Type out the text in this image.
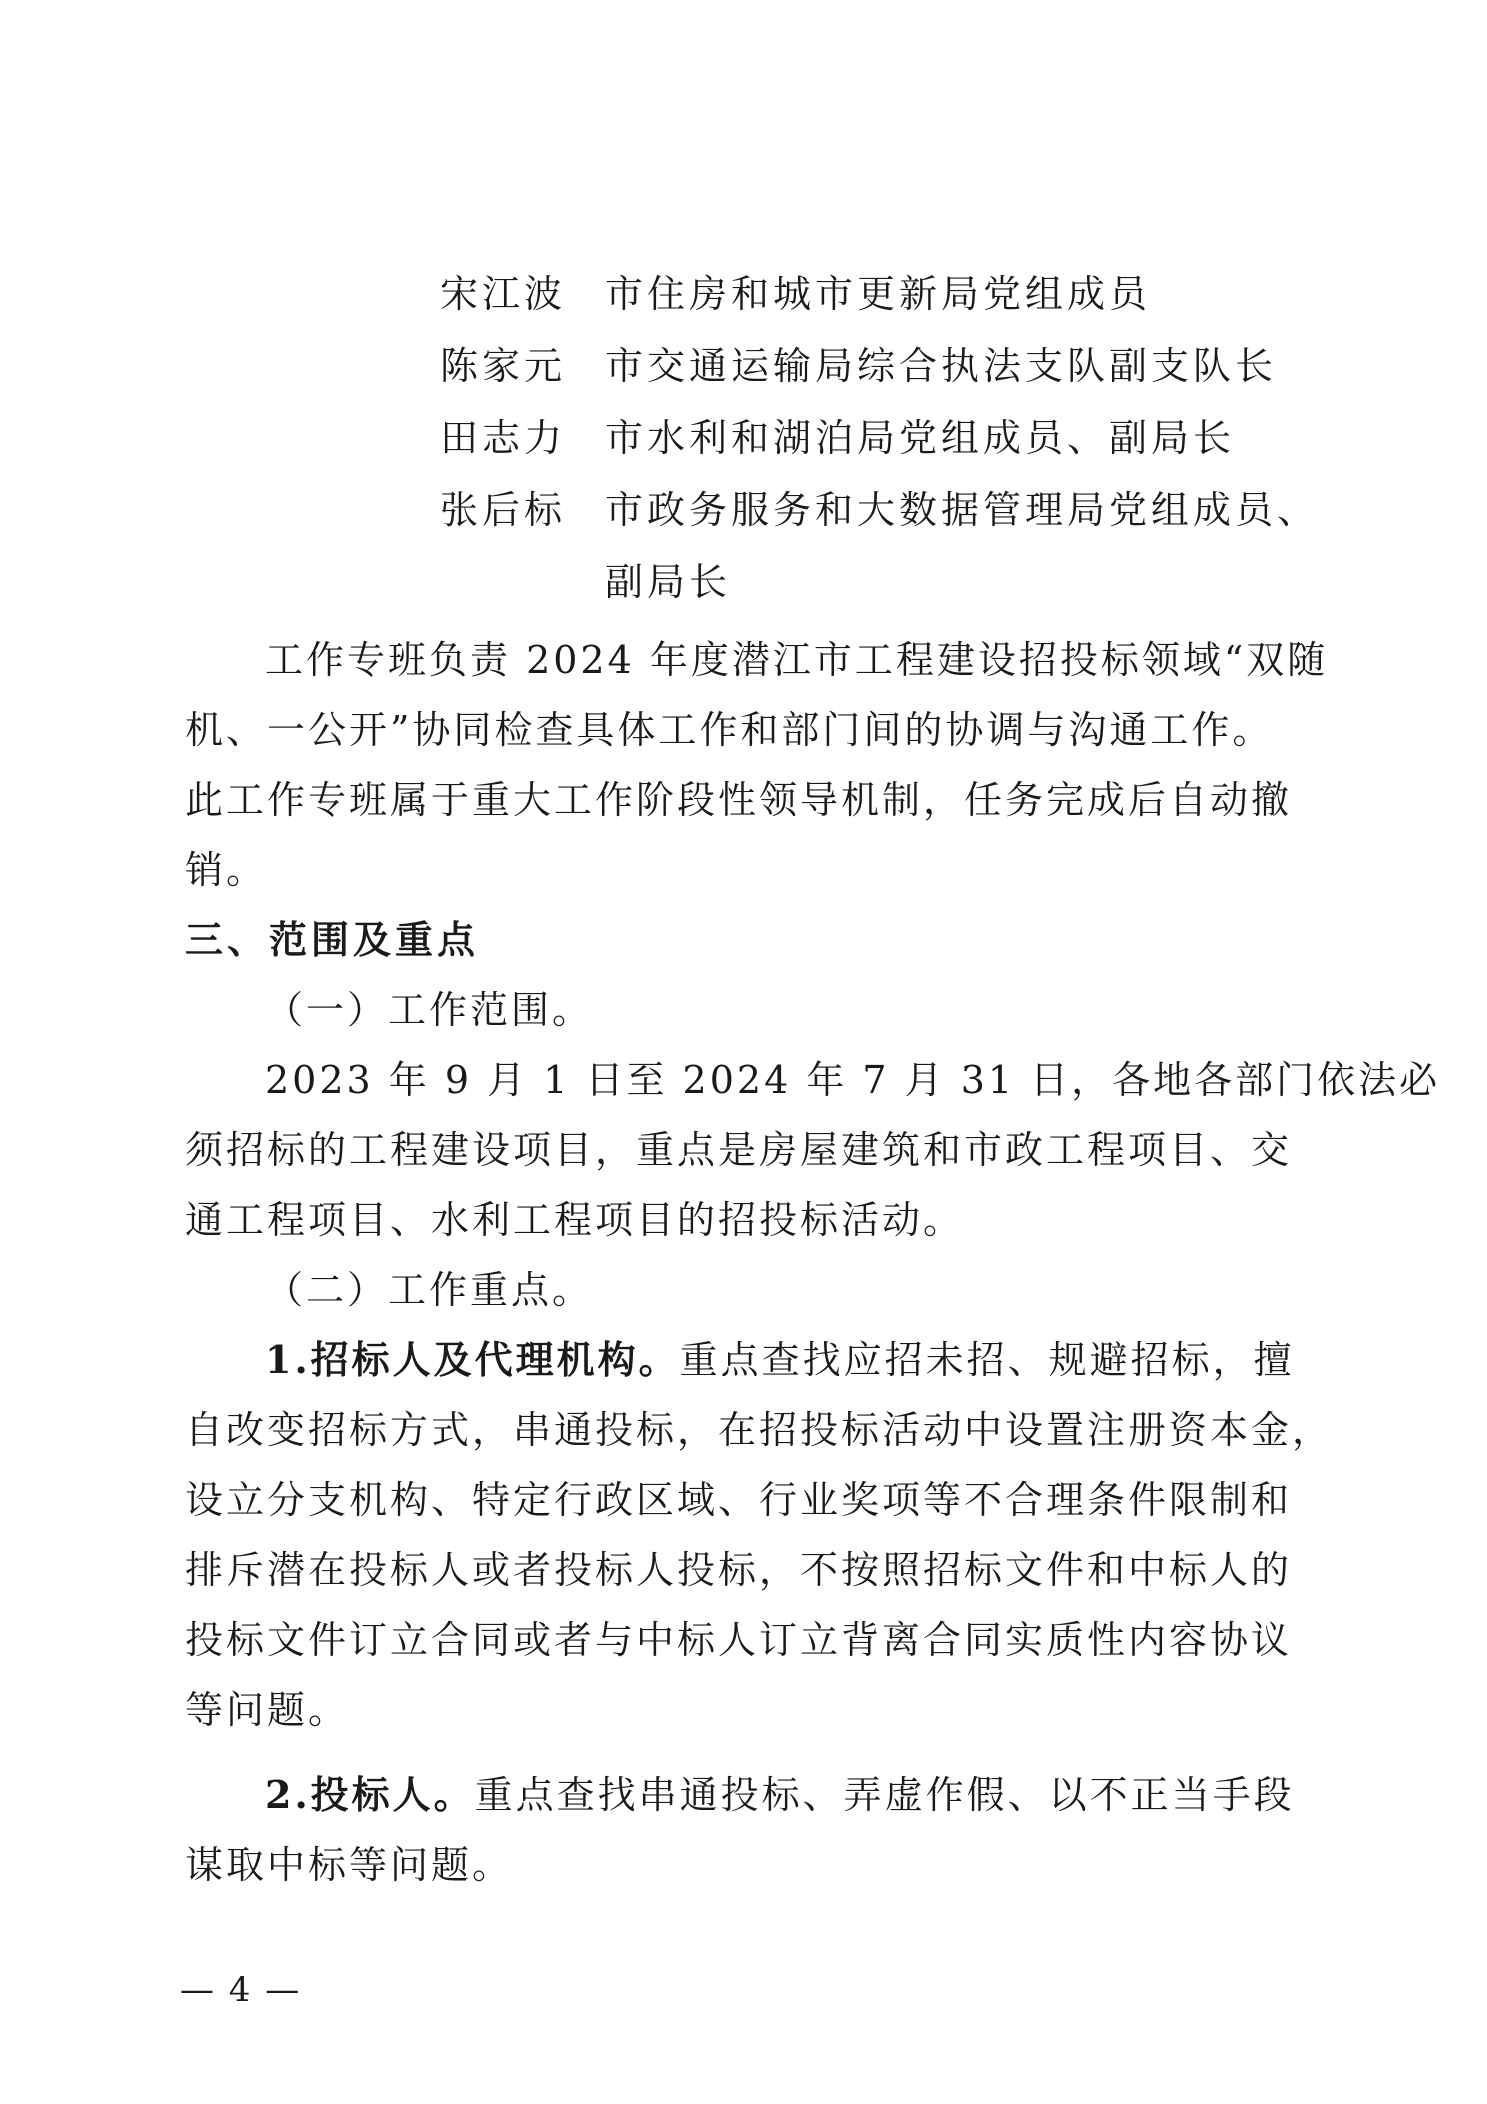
宋江波 市住房和城市更新局党组成员
陈家元 市交通运输局综合执法支队副支队长
田志力 市水利和湖泊局党组成员、副局长
张后标 市政务服务和大数据管理局党组成员、
副局长
工作专班负责 2024 年度潜江市工程建设招投标领域“双随
机、一公开”协同检查具体工作和部门间的协调与沟通工作。
此工作专班属于重大工作阶段性领导机制，任务完成后自动撤
销。
三、范围及重点
（一）工作范围。
2023 年 9 月 1 日至 2024 年 7 月 31 日，各地各部门依法必
须招标的工程建设项目，重点是房屋建筑和市政工程项目、交
通工程项目、水利工程项目的招投标活动。
（二）工作重点。
1.招标人及代理机构。重点查找应招未招、规避招标，擅
自改变招标方式，串通投标，在招投标活动中设置注册资本金，
设立分支机构、特定行政区域、行业奖项等不合理条件限制和
排斥潜在投标人或者投标人投标，不按照招标文件和中标人的
投标文件订立合同或者与中标人订立背离合同实质性内容协议
等问题。
2.投标人。重点查找串通投标、弄虚作假、以不正当手段
谋取中标等问题。
— 4 —
